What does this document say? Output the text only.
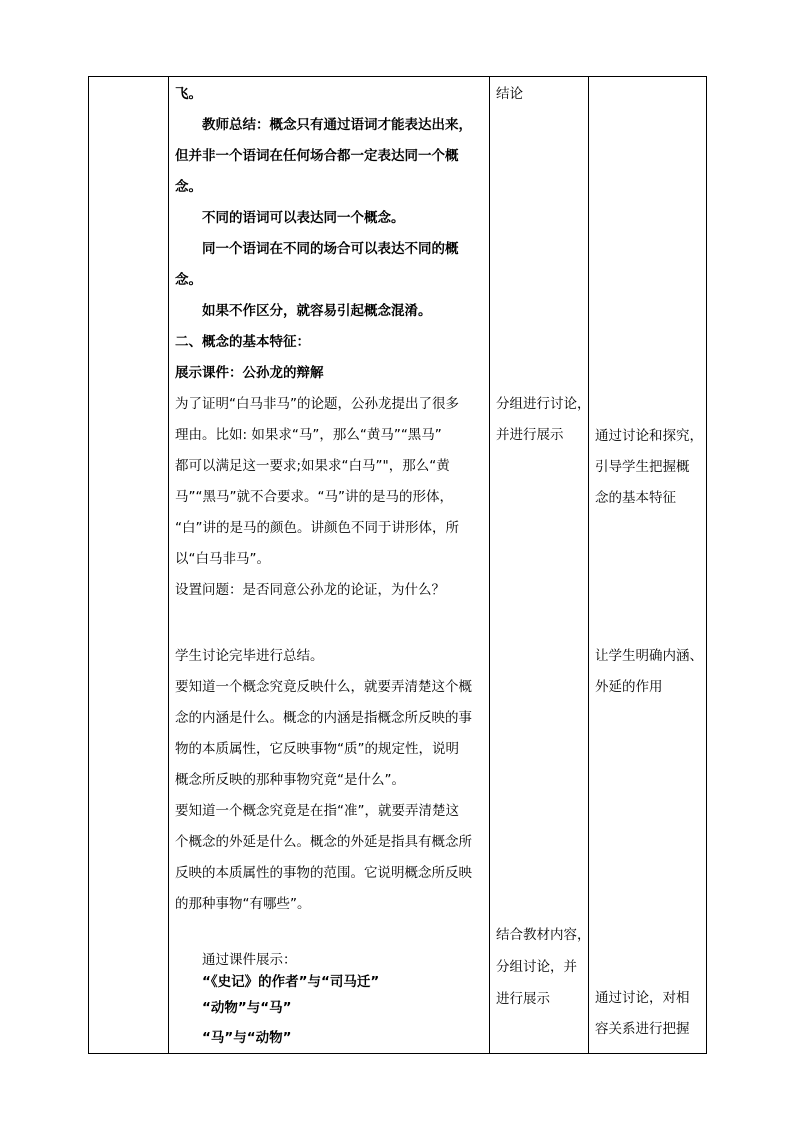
飞。
教师总结：概念只有通过语词才能表达出来，
但并非一个语词在任何场合都一定表达同一个概
念。
不同的语词可以表达同一个概念。
同一个语词在不同的场合可以表达不同的概
念。
如果不作区分，就容易引起概念混淆。
二、概念的基本特征：
展示课件：公孙龙的辩解
为了证明“白马非马”的论题，公孙龙提出了很多
理由。比如: 如果求“马”，那么“黄马”“黑马”
都可以满足这一要求;如果求“白马”"，那么“黄
马”“黑马”就不合要求。“马”讲的是马的形体，
“白”讲的是马的颜色。讲颜色不同于讲形体，所
以“白马非马”。
设置问题：是否同意公孙龙的论证，为什么？
学生讨论完毕进行总结。
要知道一个概念究竟反映什么，就要弄清楚这个概
念的内涵是什么。概念的内涵是指概念所反映的事
物的本质属性，它反映事物“质”的规定性，说明
概念所反映的那种事物究竟“是什么”。
要知道一个概念究竟是在指“准”，就要弄清楚这
个概念的外延是什么。概念的外延是指具有概念所
反映的本质属性的事物的范围。它说明概念所反映
的那种事物“有哪些”。
通过课件展示：
“《史记》的作者”与“司马迁”
“动物”与“马”
“马”与“动物”
结论
分组进行讨论，
并进行展示
结合教材内容，
分组讨论，并
进行展示
通过讨论和探究，
引导学生把握概
念的基本特征
让学生明确内涵、
外延的作用
通过讨论，对相
容关系进行把握
